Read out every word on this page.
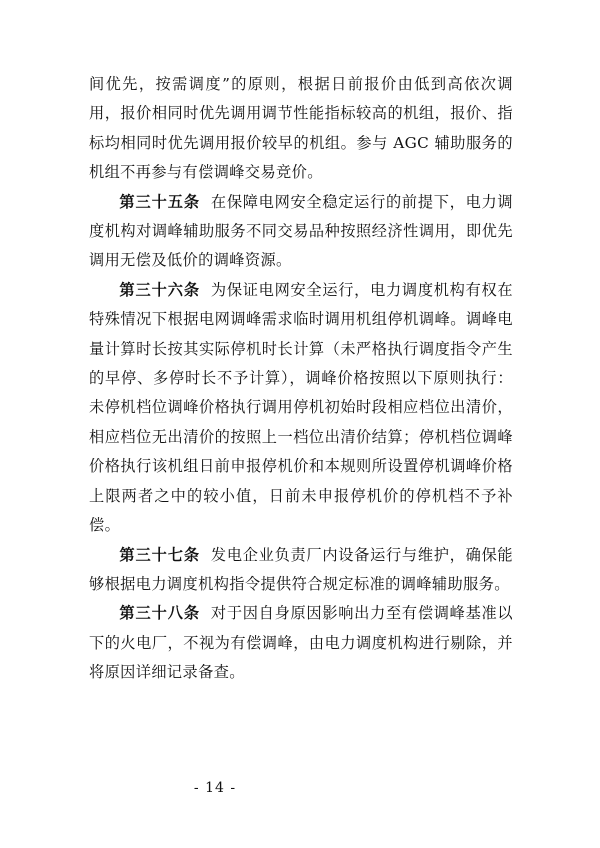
间优先，按需调度”的原则，根据日前报价由低到高依次调用，报价相同时优先调用调节性能指标较高的机组，报价、指标均相同时优先调用报价较早的机组。参与 AGC 辅助服务的机组不再参与有偿调峰交易竞价。

第三十五条 在保障电网安全稳定运行的前提下，电力调度机构对调峰辅助服务不同交易品种按照经济性调用，即优先调用无偿及低价的调峰资源。

第三十六条 为保证电网安全运行，电力调度机构有权在特殊情况下根据电网调峰需求临时调用机组停机调峰。调峰电量计算时长按其实际停机时长计算（未严格执行调度指令产生的早停、多停时长不予计算），调峰价格按照以下原则执行：未停机档位调峰价格执行调用停机初始时段相应档位出清价，相应档位无出清价的按照上一档位出清价结算；停机档位调峰价格执行该机组日前申报停机价和本规则所设置停机调峰价格上限两者之中的较小值，日前未申报停机价的停机档不予补偿。

第三十七条 发电企业负责厂内设备运行与维护，确保能够根据电力调度机构指令提供符合规定标准的调峰辅助服务。

第三十八条 对于因自身原因影响出力至有偿调峰基准以下的火电厂，不视为有偿调峰，由电力调度机构进行剔除，并将原因详细记录备查。

- 14 -
